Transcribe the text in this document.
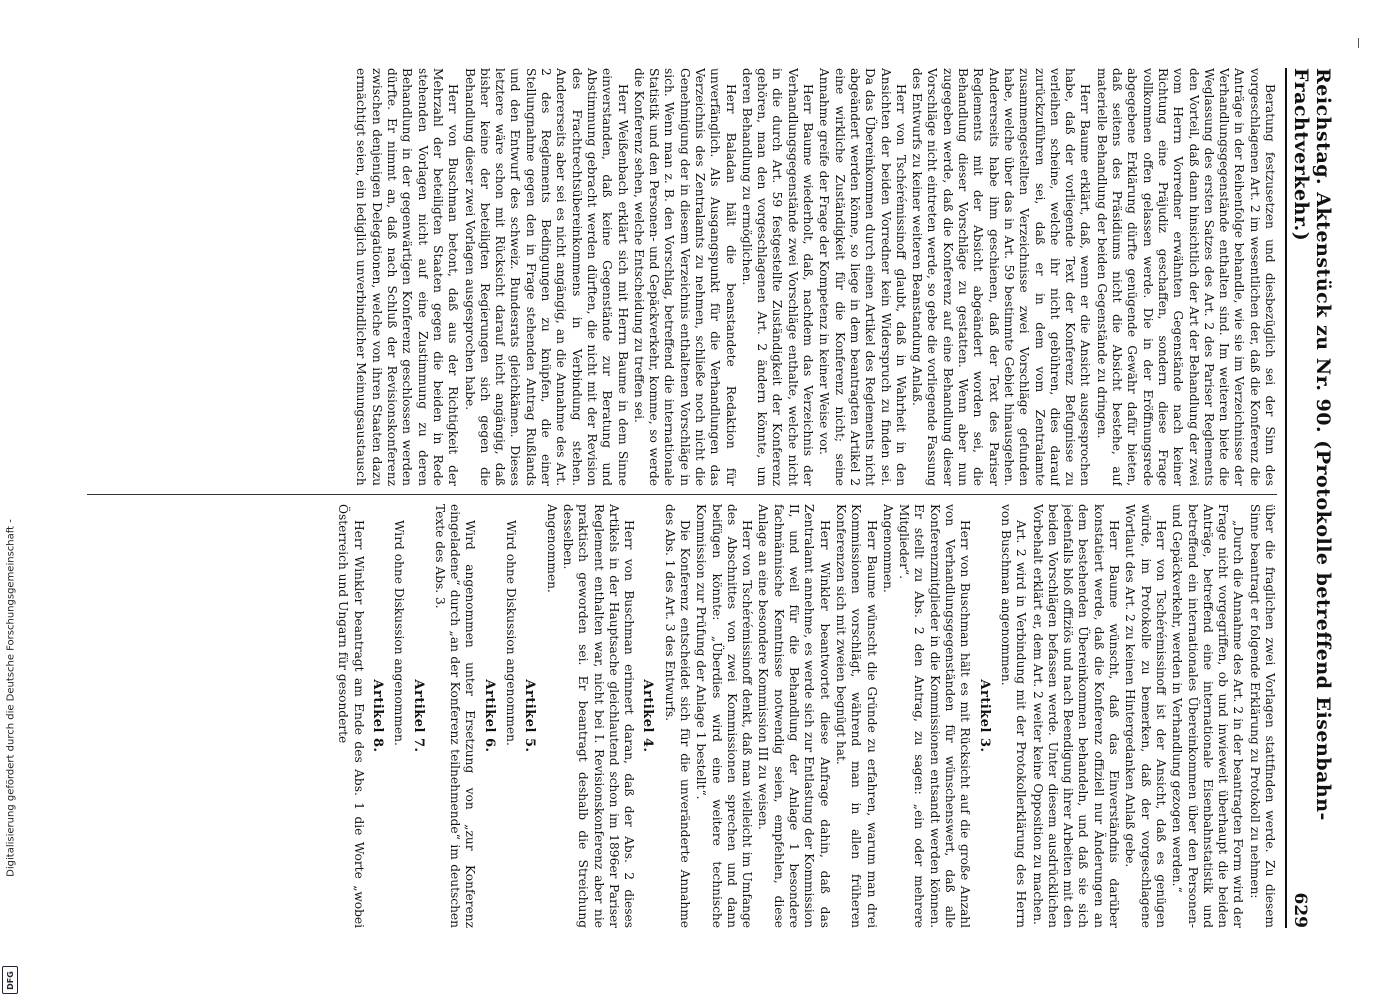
Digitalisierung gefördert durch die Deutsche Forschungsgemeinschaft -
DFG
Reichstag. Aktenstück zu Nr. 90. (Protokolle betreffend Eisenbahn-Frachtverkehr.)
629

Beratung festzusetzen und diesbezüglich sei der Sinn des vorgeschlagenen Art. 2 im wesentlichen der, daß die Konferenz die Anträge in der Reihenfolge behandle, wie sie im Verzeichnisse der Verhandlungsgegenstände enthalten sind. Im weiteren biete die Weglassung des ersten Satzes des Art. 2 des Pariser Reglements den Vorteil, daß dann hinsichtlich der Art der Behandlung der zwei vom Herrn Vorredner erwähnten Gegenstände nach keiner Richtung eine Präjudiz geschaffen, sondern diese Frage vollkommen offen gelassen werde. Die in der Eröffnungsrede abgegebene Erklärung dürfte genügende Gewähr dafür bieten, daß seitens des Präsidiums nicht die Absicht bestehe, auf materielle Behandlung der beiden Gegenstände zu dringen.

Herr Baume erklärt, daß, wenn er die Ansicht ausgesprochen habe, daß der vorliegende Text der Konferenz Befugnisse zu verleihen scheine, welche ihr nicht gebühren, dies darauf zurückzuführen sei, daß er in dem vom Zentralamte zusammengestellten Verzeichnisse zwei Vorschläge gefunden habe, welche über das in Art. 59 bestimmte Gebiet hinausgehen. Andererseits habe ihm geschienen, daß der Text des Pariser Reglements mit der Absicht abgeändert worden sei, die Behandlung dieser Vorschläge zu gestatten. Wenn aber nun zugegeben werde, daß die Konferenz auf eine Behandlung dieser Vorschläge nicht eintreten werde, so gebe die vorliegende Fassung des Entwurfs zu keiner weiteren Beanstandung Anlaß.

Herr von Tschérémissinoff glaubt, daß in Wahrheit in den Ansichten der beiden Vorredner kein Widerspruch zu finden sei. Da das Übereinkommen durch einen Artikel des Reglements nicht abgeändert werden könne, so liege in dem beantragten Artikel 2 eine wirkliche Zuständigkeit für die Konferenz nicht; seine Annahme greife der Frage der Kompetenz in keiner Weise vor.

Herr Baume wiederholt, daß, nachdem das Verzeichnis der Verhandlungsgegenstände zwei Vorschläge enthalte, welche nicht in die durch Art. 59 festgestellte Zuständigkeit der Konferenz gehören, man den vorgeschlagenen Art. 2 ändern könnte, um deren Behandlung zu ermöglichen.

Herr Baladan hält die beanstandete Redaktion für unverfänglich. Als Ausgangspunkt für die Verhandlungen das Verzeichnis des Zentralamts zu nehmen, schließe noch nicht die Genehmigung der in diesem Verzeichnis enthaltenen Vorschläge in sich. Wenn man z. B. den Vorschlag, betreffend die internationale Statistik und den Personen- und Gepäckverkehr, komme, so werde die Konferenz sehen, welche Entscheidung zu treffen sei.

Herr Weißenbach erklärt sich mit Herrn Baume in dem Sinne einverstanden, daß keine Gegenstände zur Beratung und Abstimmung gebracht werden dürften, die nicht mit der Revision des Frachtrechtsübereinkommens in Verbindung stehen. Andererseits aber sei es nicht angängig, an die Annahme des Art. 2 des Reglements Bedingungen zu knüpfen, die einer Stellungnahme gegen den in Frage stehenden Antrag Rußlands und den Entwurf des schweiz. Bundesrats gleichkämen. Dieses letztere wäre schon mit Rücksicht darauf nicht angängig, daß bisher keine der beteiligten Regierungen sich gegen die Behandlung dieser zwei Vorlagen ausgesprochen habe.

Herr von Buschman betont, daß aus der Richtigkeit der Mehrzahl der beteiligten Staaten gegen die beiden in Rede stehenden Vorlagen nicht auf eine Zustimmung zu deren Behandlung in der gegenwärtigen Konferenz geschlossen werden dürfte. Er nimmt an, daß nach Schluß der Revisionskonferenz zwischen denjenigen Delegationen, welche von ihren Staaten dazu ermächtigt seien, ein lediglich unverbindlicher Meinungsaustausch

über die fraglichen zwei Vorlagen stattfinden werde. Zu diesem Sinne beantragt er folgende Erklärung zu Protokoll zu nehmen:

„Durch die Annahme des Art. 2 in der beantragten Form wird der Frage nicht vorgegriffen, ob und inwieweit überhaupt die beiden Anträge, betreffend eine internationale Eisenbahnstatistik und betreffend ein internationales Übereinkommen über den Personen- und Gepäckverkehr, werden in Verhandlung gezogen werden.“

Herr von Tschérémissinoff ist der Ansicht, daß es genügen würde, im Protokolle zu bemerken, daß der vorgeschlagene Wortlaut des Art. 2 zu keinen Hintergedanken Anlaß gebe.

Herr Baume wünscht, daß das Einverständnis darüber konstatiert werde, daß die Konferenz offiziell nur Änderungen an dem bestehenden Übereinkommen behandeln, und daß sie sich jedenfalls bloß offiziös und nach Beendigung ihrer Arbeiten mit den beiden Vorschlägen befassen werde. Unter diesem ausdrücklichen Vorbehalt erklärt er, dem Art. 2 weiter keine Opposition zu machen.

Art. 2 wird in Verbindung mit der Protokollerklärung des Herrn von Buschman angenommen.

Artikel 3.

Herr von Buschman hält es mit Rücksicht auf die große Anzahl von Verhandlungsgegenständen für wünschenswert, daß alle Konferenzmitglieder in die Kommissionen entsandt werden können. Er stellt zu Abs. 2 den Antrag, zu sagen: „ein oder mehrere Mitglieder“.

Angenommen.

Herr Baume wünscht die Gründe zu erfahren, warum man drei Kommissionen vorschlägt, während man in allen früheren Konferenzen sich mit zweien begnügt hat.

Herr Winkler beantwortet diese Anfrage dahin, daß das Zentralamt annehme, es werde sich zur Entlastung der Kommission II, und weil für die Behandlung der Anlage 1 besondere fachmännische Kenntnisse notwendig seien, empfehlen, diese Anlage an eine besondere Kommission III zu weisen.

Herr von Tschérémissinoff denkt, daß man vielleicht im Umfange des Abschnittes von zwei Kommissionen sprechen und dann beifügen könnte: „Überdies wird eine weitere technische Kommission zur Prüfung der Anlage 1 bestellt“.

Die Konferenz entscheidet sich für die unveränderte Annahme des Abs. 1 des Art. 3 des Entwurfs.

Artikel 4.

Herr von Buschman erinnert daran, daß der Abs. 2 dieses Artikels in der Hauptsache gleichlautend schon im 1896er Pariser Reglement enthalten war, nicht bei I. Revisionskonferenz aber nie praktisch geworden sei. Er beantragt deshalb die Streichung desselben.

Angenommen.

Artikel 5.

Wird ohne Diskussion angenommen.

Artikel 6.

Wird angenommen unter Ersetzung von „zur Konferenz eingeladene“ durch „an der Konferenz teilnehmende“ im deutschen Texte des Abs. 3.

Artikel 7.

Wird ohne Diskussion angenommen.

Artikel 8.

Herr Winkler beantragt am Ende des Abs. 1 die Worte „wobei Österreich und Ungarn für gesonderte
